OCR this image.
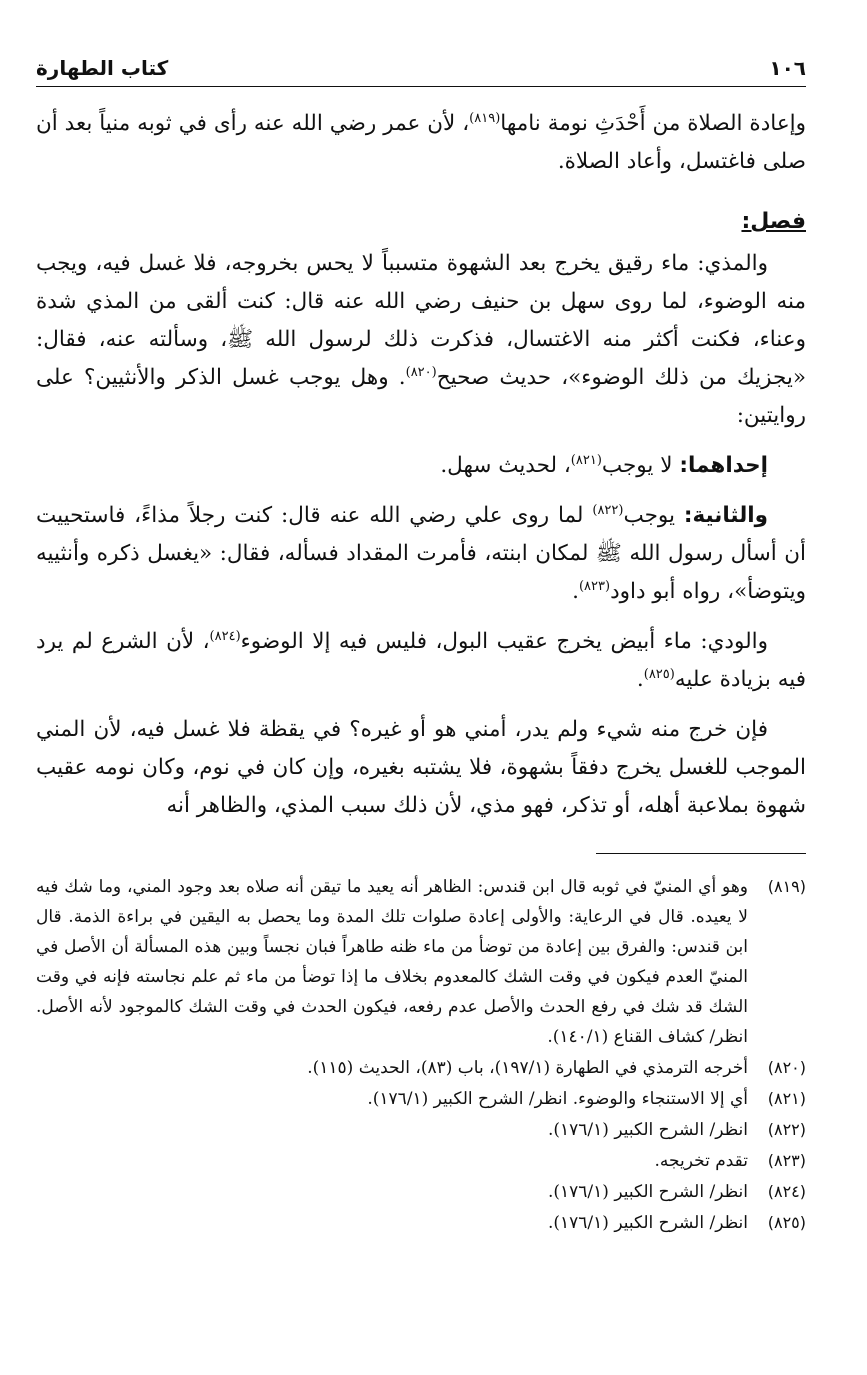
١٠٦
كتاب الطهارة

وإعادة الصلاة من أَحْدَثِ نومة نامها$^{(٨١٩)}$، لأن عمر رضي الله عنه رأى في ثوبه منياً بعد أن صلى فاغتسل، وأعاد الصلاة.

فصل:

والمذي: ماء رقيق يخرج بعد الشهوة متسبباً لا يحس بخروجه، فلا غسل فيه، ويجب منه الوضوء، لما روى سهل بن حنيف رضي الله عنه قال: كنت ألقى من المذي شدة وعناء، فكنت أكثر منه الاغتسال، فذكرت ذلك لرسول الله ﷺ، وسألته عنه، فقال: «يجزيك من ذلك الوضوء»، حديث صحيح$^{(٨٢٠)}$. وهل يوجب غسل الذكر والأنثيين؟ على روايتين:

إحداهما: لا يوجب$^{(٨٢١)}$، لحديث سهل.

والثانية: يوجب$^{(٨٢٢)}$ لما روى علي رضي الله عنه قال: كنت رجلاً مذاءً، فاستحييت أن أسأل رسول الله ﷺ لمكان ابنته، فأمرت المقداد فسأله، فقال: «يغسل ذكره وأنثييه ويتوضأ»، رواه أبو داود$^{(٨٢٣)}$.

والودي: ماء أبيض يخرج عقيب البول، فليس فيه إلا الوضوء$^{(٨٢٤)}$، لأن الشرع لم يرد فيه بزيادة عليه$^{(٨٢٥)}$.

فإن خرج منه شيء ولم يدر، أمني هو أو غيره؟ في يقظة فلا غسل فيه، لأن المني الموجب للغسل يخرج دفقاً بشهوة، فلا يشتبه بغيره، وإن كان في نوم، وكان نومه عقيب شهوة بملاعبة أهله، أو تذكر، فهو مذي، لأن ذلك سبب المذي، والظاهر أنه

(٨١٩)
وهو أي المنيّ في ثوبه قال ابن قندس: الظاهر أنه يعيد ما تيقن أنه صلاه بعد وجود المني، وما شك فيه لا يعيده. قال في الرعاية: والأولى إعادة صلوات تلك المدة وما يحصل به اليقين في براءة الذمة. قال ابن قندس: والفرق بين إعادة من توضأ من ماء ظنه طاهراً فبان نجساً وبين هذه المسألة أن الأصل في المنيّ العدم فيكون في وقت الشك كالمعدوم بخلاف ما إذا توضأ من ماء ثم علم نجاسته فإنه في وقت الشك قد شك في رفع الحدث والأصل عدم رفعه، فيكون الحدث في وقت الشك كالموجود لأنه الأصل. انظر/ كشاف القناع (١٤٠/١).
(٨٢٠)
أخرجه الترمذي في الطهارة (١٩٧/١)، باب (٨٣)، الحديث (١١٥).
(٨٢١)
أي إلا الاستنجاء والوضوء. انظر/ الشرح الكبير (١٧٦/١).
(٨٢٢)
انظر/ الشرح الكبير (١٧٦/١).
(٨٢٣)
تقدم تخريجه.
(٨٢٤)
انظر/ الشرح الكبير (١٧٦/١).
(٨٢٥)
انظر/ الشرح الكبير (١٧٦/١).
